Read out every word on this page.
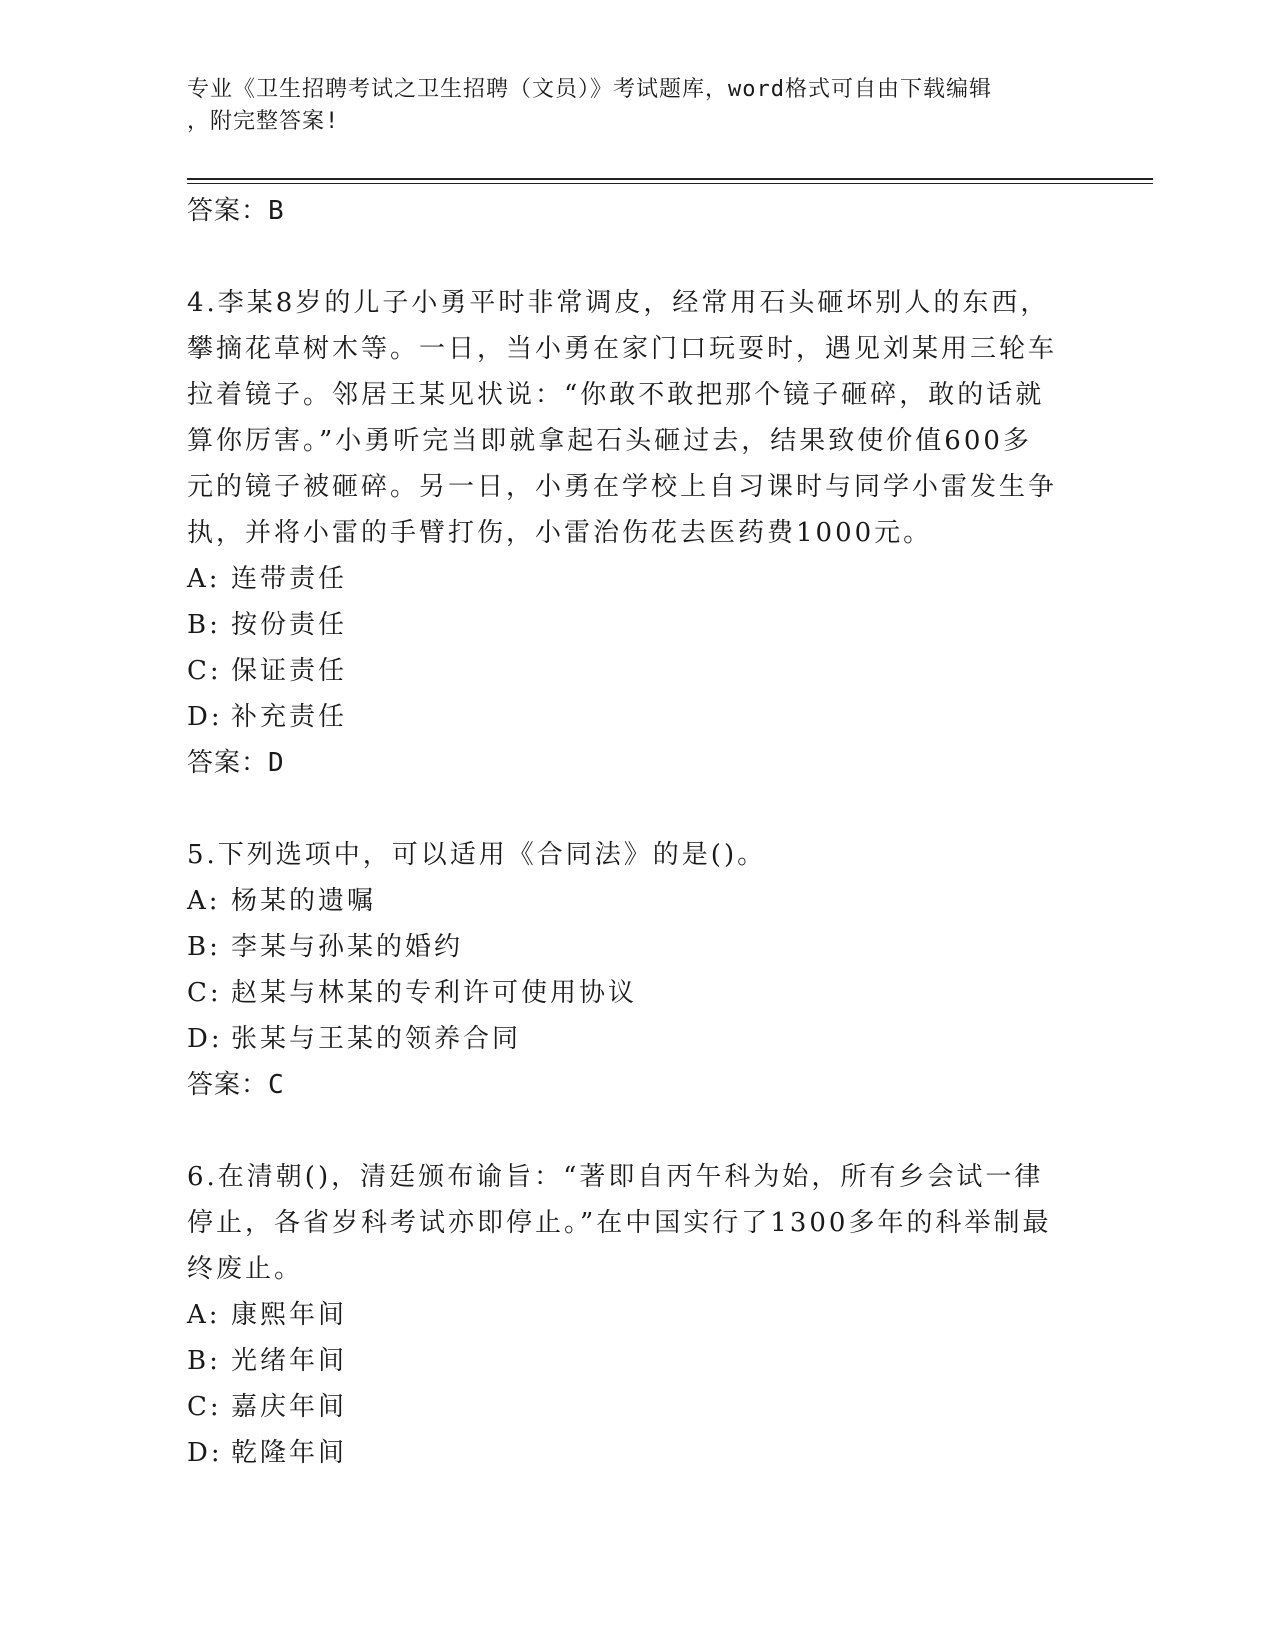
专业《卫生招聘考试之卫生招聘（文员）》考试题库，word格式可自由下载编辑
，附完整答案!
答案：B

4.李某8岁的儿子小勇平时非常调皮，经常用石头砸坏别人的东西，

攀摘花草树木等。一日，当小勇在家门口玩耍时，遇见刘某用三轮车

拉着镜子。邻居王某见状说：“你敢不敢把那个镜子砸碎，敢的话就

算你厉害。”小勇听完当即就拿起石头砸过去，结果致使价值600多

元的镜子被砸碎。另一日，小勇在学校上自习课时与同学小雷发生争

执，并将小雷的手臂打伤，小雷治伤花去医药费1000元。

A: 连带责任

B: 按份责任

C: 保证责任

D: 补充责任

答案：D

5.下列选项中，可以适用《合同法》的是()。

A: 杨某的遗嘱

B: 李某与孙某的婚约

C: 赵某与林某的专利许可使用协议

D: 张某与王某的领养合同

答案：C

6.在清朝()，清廷颁布谕旨：“著即自丙午科为始，所有乡会试一律

停止，各省岁科考试亦即停止。”在中国实行了1300多年的科举制最

终废止。

A: 康熙年间

B: 光绪年间

C: 嘉庆年间

D: 乾隆年间
